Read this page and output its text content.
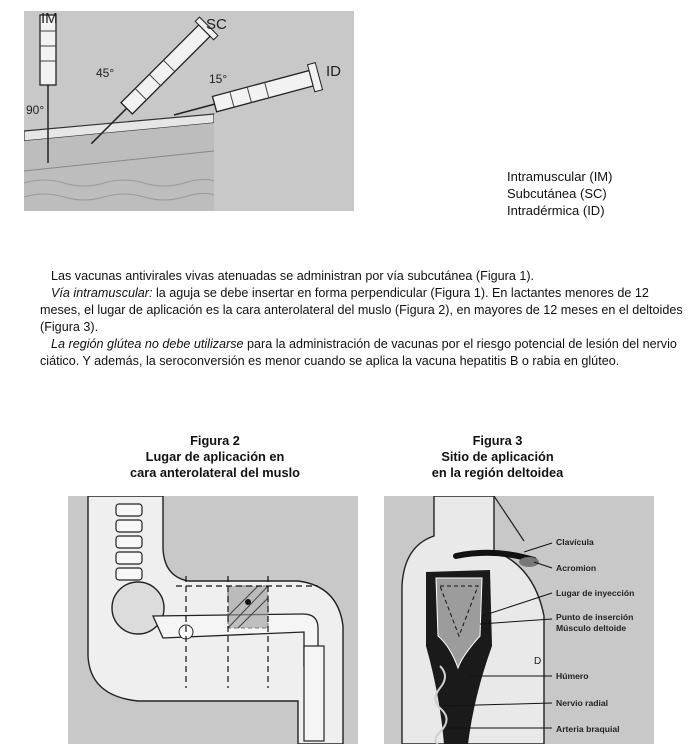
IM	SC
ID
90°
45°	15°
Intramuscular (IM)
Subcutánea (SC)
Intradérmica (ID)
Las vacunas antivirales vivas atenuadas se administran por vía subcutánea (Figura 1).
Vía intramuscular: la aguja se debe insertar en forma perpendicular (Figura 1). En lactantes menores de 12 meses, el lugar de aplicación es la cara anterolateral del muslo (Figura 2), en mayores de 12 meses en el deltoides (Figura 3).
La región glútea no debe utilizarse para la administración de vacunas por el riesgo potencial de lesión del nervio ciático. Y además, la seroconversión es menor cuando se aplica la vacuna hepatitis B o rabia en glúteo.
Figura 2
Lugar de aplicación en
cara anterolateral del muslo
Figura 3
Sitio de aplicación
en la región deltoidea
D
Clavícula
Acromion
Lugar de inyección
Punto de inserción
Músculo deltoide
Húmero
Nervio radial
Arteria braquial
